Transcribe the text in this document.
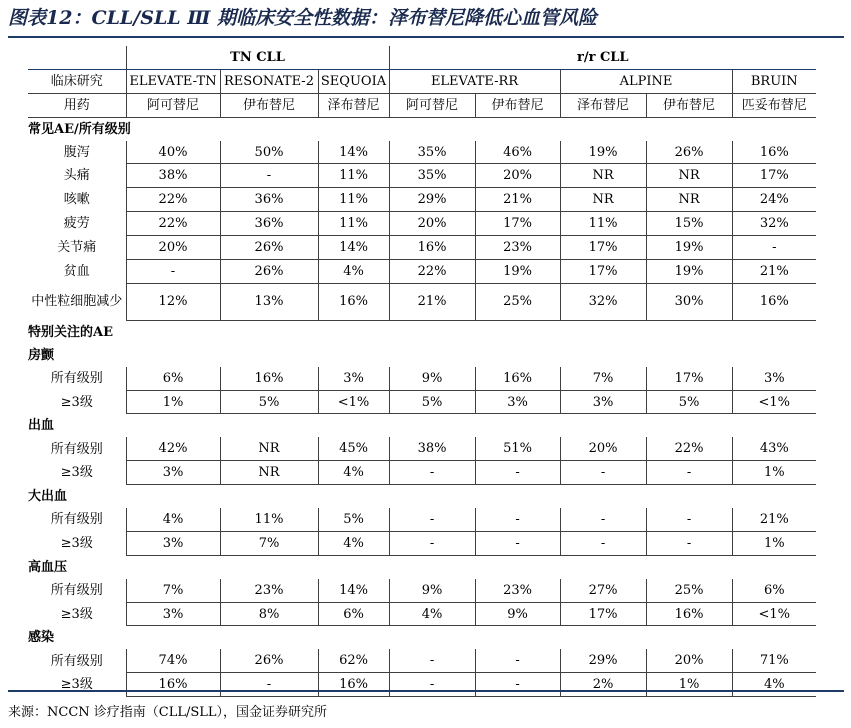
图表12：CLL/SLL Ⅲ 期临床安全性数据：泽布替尼降低心血管风险
	TN CLL			r/r CLL				
临床研究	ELEVATE-TN	RESONATE-2	SEQUOIA	ELEVATE-RR		ALPINE		BRUIN
用药	阿可替尼	伊布替尼	泽布替尼	阿可替尼	伊布替尼	泽布替尼	伊布替尼	匹妥布替尼
常见AE/所有级别								
腹泻	40%	50%	14%	35%	46%	19%	26%	16%
头痛	38%	-	11%	35%	20%	NR	NR	17%
咳嗽	22%	36%	11%	29%	21%	NR	NR	24%
疲劳	22%	36%	11%	20%	17%	11%	15%	32%
关节痛	20%	26%	14%	16%	23%	17%	19%	-
贫血	-	26%	4%	22%	19%	17%	19%	21%
中性粒细胞减少	12%	13%	16%	21%	25%	32%	30%	16%
特别关注的AE								
房颤								
所有级别	6%	16%	3%	9%	16%	7%	17%	3%
≥3级	1%	5%	<1%	5%	3%	3%	5%	<1%
出血								
所有级别	42%	NR	45%	38%	51%	20%	22%	43%
≥3级	3%	NR	4%	-	-	-	-	1%
大出血								
所有级别	4%	11%	5%	-	-	-	-	21%
≥3级	3%	7%	4%	-	-	-	-	1%
高血压								
所有级别	7%	23%	14%	9%	23%	27%	25%	6%
≥3级	3%	8%	6%	4%	9%	17%	16%	<1%
感染								
所有级别	74%	26%	62%	-	-	29%	20%	71%
≥3级	16%	-	16%	-	-	2%	1%	4%
来源：NCCN 诊疗指南（CLL/SLL），国金证券研究所
